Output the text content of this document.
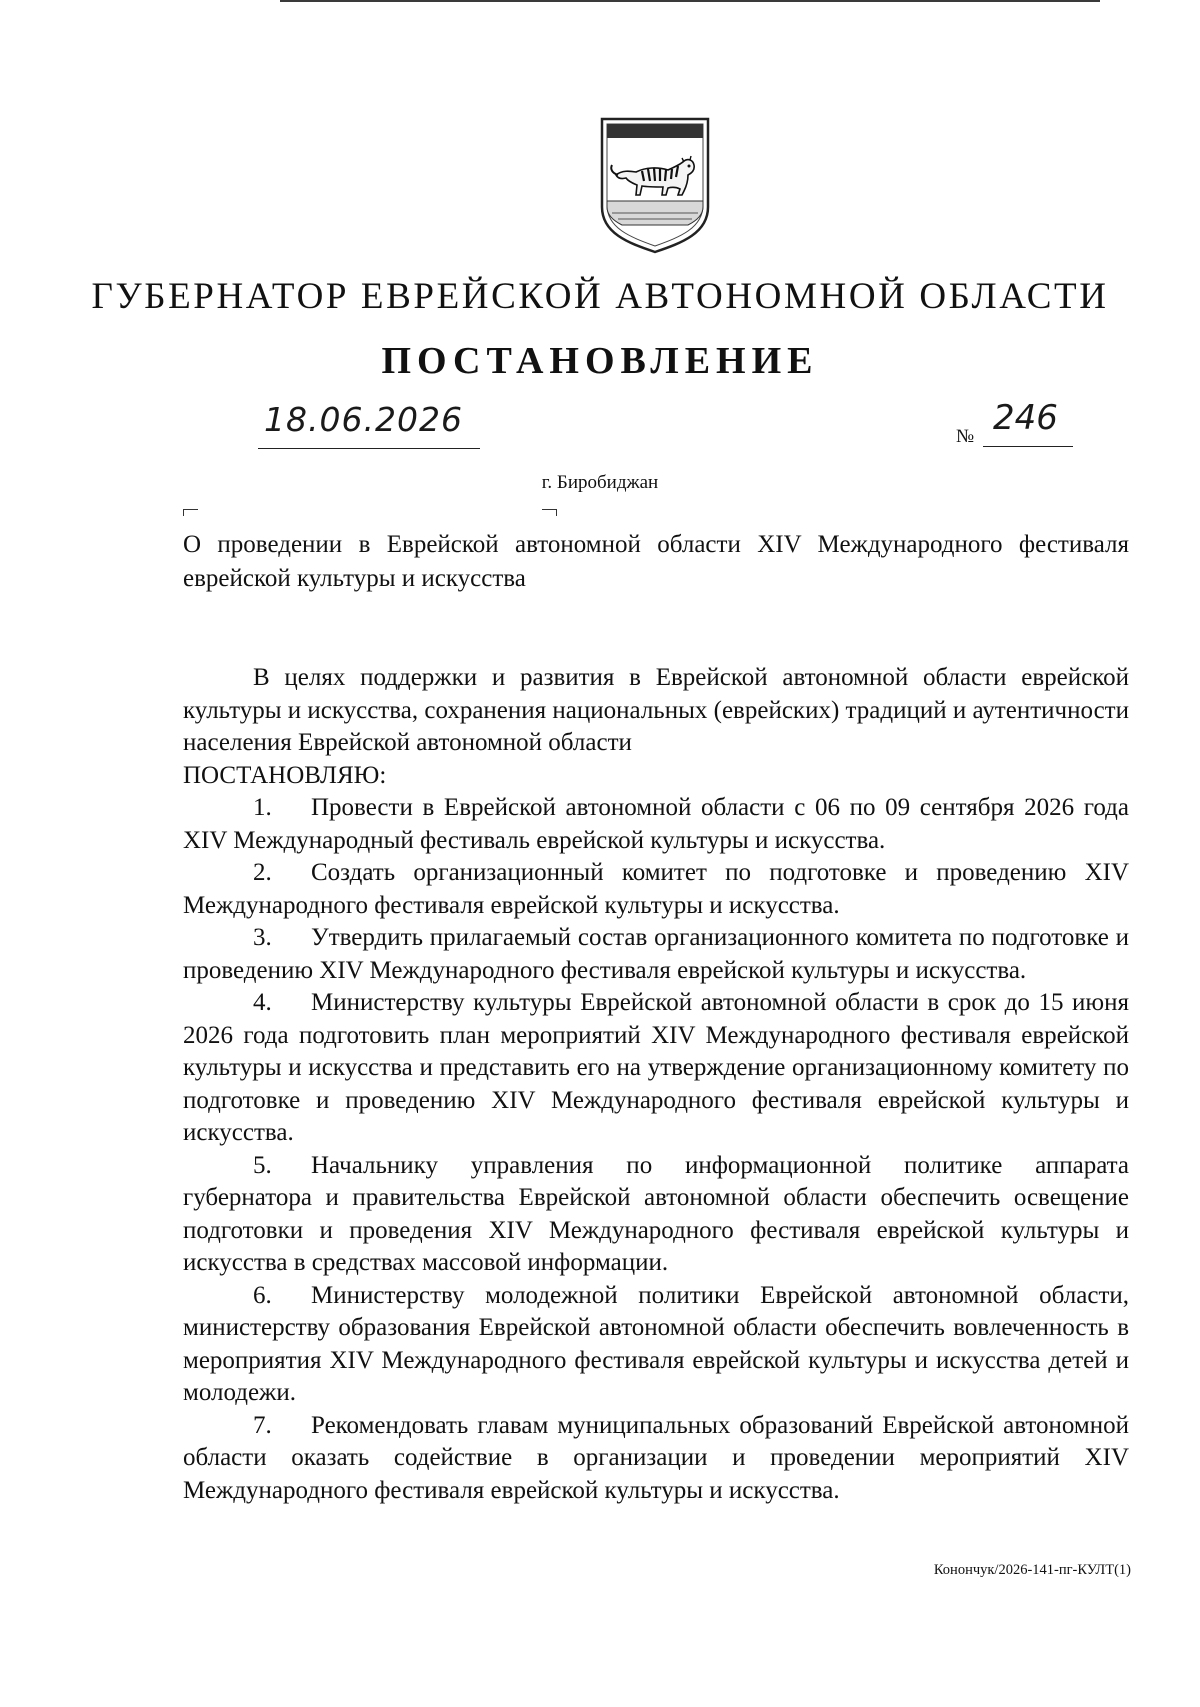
ГУБЕРНАТОР ЕВРЕЙСКОЙ АВТОНОМНОЙ ОБЛАСТИ
ПОСТАНОВЛЕНИЕ
18.06.2026	№ 246
г. Биробиджан
О проведении в Еврейской автономной области XIV Международного фестиваля еврейской культуры и искусства

В целях поддержки и развития в Еврейской автономной области еврейской культуры и искусства, сохранения национальных (еврейских) традиций и аутентичности населения Еврейской автономной области

ПОСТАНОВЛЯЮ:

1. Провести в Еврейской автономной области с 06 по 09 сентября 2026 года XIV Международный фестиваль еврейской культуры и искусства.

2. Создать организационный комитет по подготовке и проведению XIV Международного фестиваля еврейской культуры и искусства.

3. Утвердить прилагаемый состав организационного комитета по подготовке и проведению XIV Международного фестиваля еврейской культуры и искусства.

4. Министерству культуры Еврейской автономной области в срок до 15 июня 2026 года подготовить план мероприятий XIV Международного фестиваля еврейской культуры и искусства и представить его на утверждение организационному комитету по подготовке и проведению XIV Международного фестиваля еврейской культуры и искусства.

5. Начальнику управления по информационной политике аппарата губернатора и правительства Еврейской автономной области обеспечить освещение подготовки и проведения XIV Международного фестиваля еврейской культуры и искусства в средствах массовой информации.

6. Министерству молодежной политики Еврейской автономной области, министерству образования Еврейской автономной области обеспечить вовлеченность в мероприятия XIV Международного фестиваля еврейской культуры и искусства детей и молодежи.

7. Рекомендовать главам муниципальных образований Еврейской автономной области оказать содействие в организации и проведении мероприятий XIV Международного фестиваля еврейской культуры и искусства.

Конончук/2026-141-пг-КУЛТ(1)
